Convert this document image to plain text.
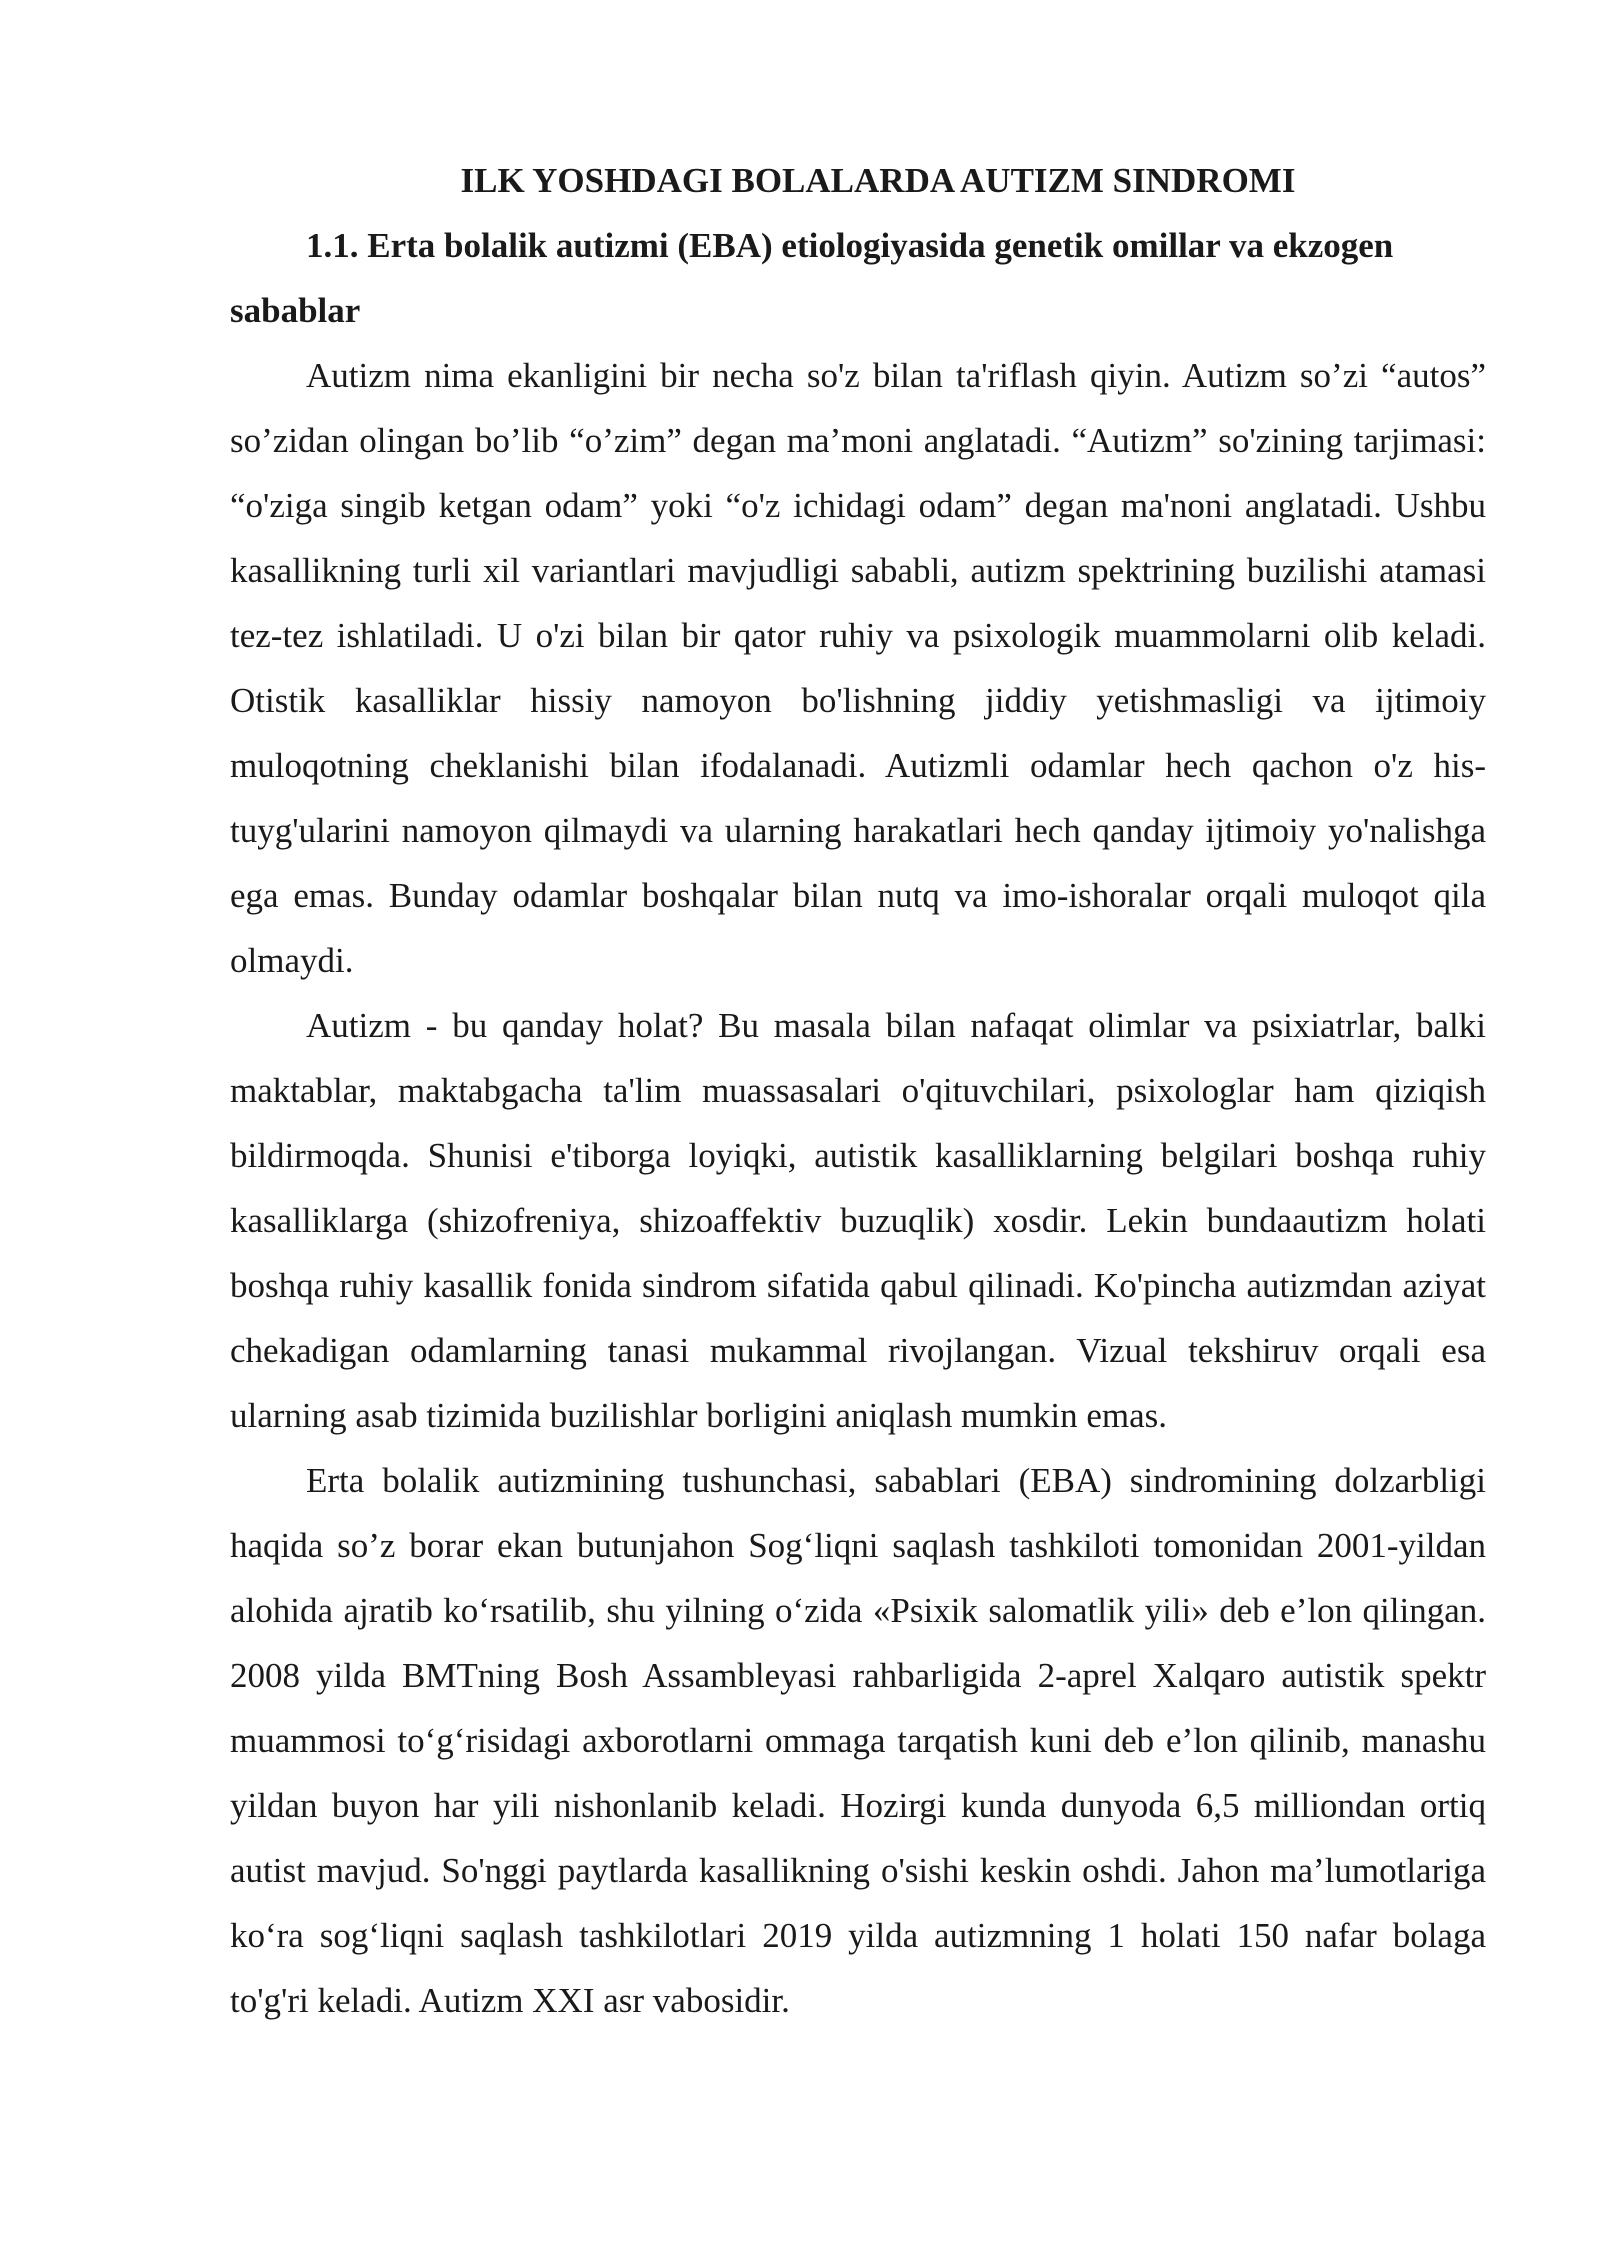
ILK YOSHDAGI BOLALARDA AUTIZM SINDROMI

1.1. Erta bolalik autizmi (EBA) etiologiyasida genetik omillar va ekzogen sabablar

Autizm nima ekanligini bir necha so'z bilan ta'riflash qiyin. Autizm so’zi “autos” so’zidan olingan bo’lib “o’zim” degan ma’moni anglatadi. “Autizm” so'zining tarjimasi: “o'ziga singib ketgan odam” yoki “o'z ichidagi odam” degan ma'noni anglatadi. Ushbu kasallikning turli xil variantlari mavjudligi sababli, autizm spektrining buzilishi atamasi tez-tez ishlatiladi. U o'zi bilan bir qator ruhiy va psixologik muammolarni olib keladi. Otistik kasalliklar hissiy namoyon bo'lishning jiddiy yetishmasligi va ijtimoiy muloqotning cheklanishi bilan ifodalanadi. Autizmli odamlar hech qachon o'z his-tuyg'ularini namoyon qilmaydi va ularning harakatlari hech qanday ijtimoiy yo'nalishga ega emas. Bunday odamlar boshqalar bilan nutq va imo-ishoralar orqali muloqot qila olmaydi.

Autizm - bu qanday holat? Bu masala bilan nafaqat olimlar va psixiatrlar, balki maktablar, maktabgacha ta'lim muassasalari o'qituvchilari, psixologlar ham qiziqish bildirmoqda. Shunisi e'tiborga loyiqki, autistik kasalliklarning belgilari boshqa ruhiy kasalliklarga (shizofreniya, shizoaffektiv buzuqlik) xosdir. Lekin bundaautizm holati boshqa ruhiy kasallik fonida sindrom sifatida qabul qilinadi. Ko'pincha autizmdan aziyat chekadigan odamlarning tanasi mukammal rivojlangan. Vizual tekshiruv orqali esa ularning asab tizimida buzilishlar borligini aniqlash mumkin emas.

Erta bolalik autizmining tushunchasi, sabablari (EBA) sindromining dolzarbligi haqida so’z borar ekan butunjahon Sog‘liqni saqlash tashkiloti tomonidan 2001-yildan alohida ajratib ko‘rsatilib, shu yilning o‘zida «Psixik salomatlik yili» deb e’lon qilingan. 2008 yilda BMTning Bosh Assambleyasi rahbarligida 2-aprel Xalqaro autistik spektr muammosi to‘g‘risidagi axborotlarni ommaga tarqatish kuni deb e’lon qilinib, manashu yildan buyon har yili nishonlanib keladi. Hozirgi kunda dunyoda 6,5 milliondan ortiq autist mavjud. So'nggi paytlarda kasallikning o'sishi keskin oshdi. Jahon ma’lumotlariga ko‘ra sog‘liqni saqlash tashkilotlari 2019 yilda autizmning 1 holati 150 nafar bolaga to'g'ri keladi. Autizm XXI asr vabosidir.
